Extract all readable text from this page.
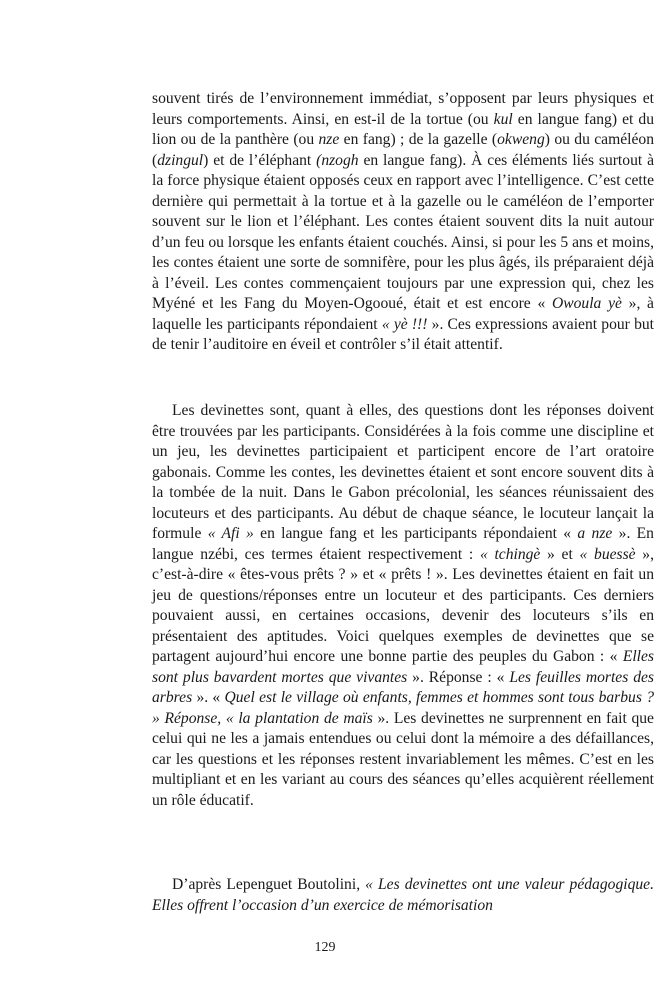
souvent tirés de l’environnement immédiat, s’opposent par leurs physiques et leurs comportements. Ainsi, en est-il de la tortue (ou kul en langue fang) et du lion ou de la panthère (ou nze en fang) ; de la gazelle (okweng) ou du caméléon (dzingul) et de l’éléphant (nzogh en langue fang). À ces éléments liés surtout à la force physique étaient opposés ceux en rapport avec l’intelligence. C’est cette dernière qui permettait à la tortue et à la gazelle ou le caméléon de l’emporter souvent sur le lion et l’éléphant. Les contes étaient souvent dits la nuit autour d’un feu ou lorsque les enfants étaient couchés. Ainsi, si pour les 5 ans et moins, les contes étaient une sorte de somnifère, pour les plus âgés, ils préparaient déjà à l’éveil. Les contes commençaient toujours par une expression qui, chez les Myéné et les Fang du Moyen-Ogooué, était et est encore « Owoula yè », à laquelle les participants répondaient « yè !!! ». Ces expressions avaient pour but de tenir l’auditoire en éveil et contrôler s’il était attentif.

Les devinettes sont, quant à elles, des questions dont les réponses doivent être trouvées par les participants. Considérées à la fois comme une discipline et un jeu, les devinettes participaient et participent encore de l’art oratoire gabonais. Comme les contes, les devinettes étaient et sont encore souvent dits à la tombée de la nuit. Dans le Gabon précolonial, les séances réunissaient des locuteurs et des participants. Au début de chaque séance, le locuteur lançait la formule « Afi » en langue fang et les participants répondaient « a nze ». En langue nzébi, ces termes étaient respectivement : « tchingè » et « buessè », c’est-à-dire « êtes-vous prêts ? » et « prêts ! ». Les devinettes étaient en fait un jeu de questions/réponses entre un locuteur et des participants. Ces derniers pouvaient aussi, en certaines occasions, devenir des locuteurs s’ils en présentaient des aptitudes. Voici quelques exemples de devinettes que se partagent aujourd’hui encore une bonne partie des peuples du Gabon : « Elles sont plus bavardent mortes que vivantes ». Réponse : « Les feuilles mortes des arbres ». « Quel est le village où enfants, femmes et hommes sont tous barbus ? » Réponse, « la plantation de maïs ». Les devinettes ne surprennent en fait que celui qui ne les a jamais entendues ou celui dont la mémoire a des défaillances, car les questions et les réponses restent invariablement les mêmes. C’est en les multipliant et en les variant au cours des séances qu’elles acquièrent réellement un rôle éducatif.

D’après Lepenguet Boutolini, « Les devinettes ont une valeur pédagogique. Elles offrent l’occasion d’un exercice de mémorisation

129
